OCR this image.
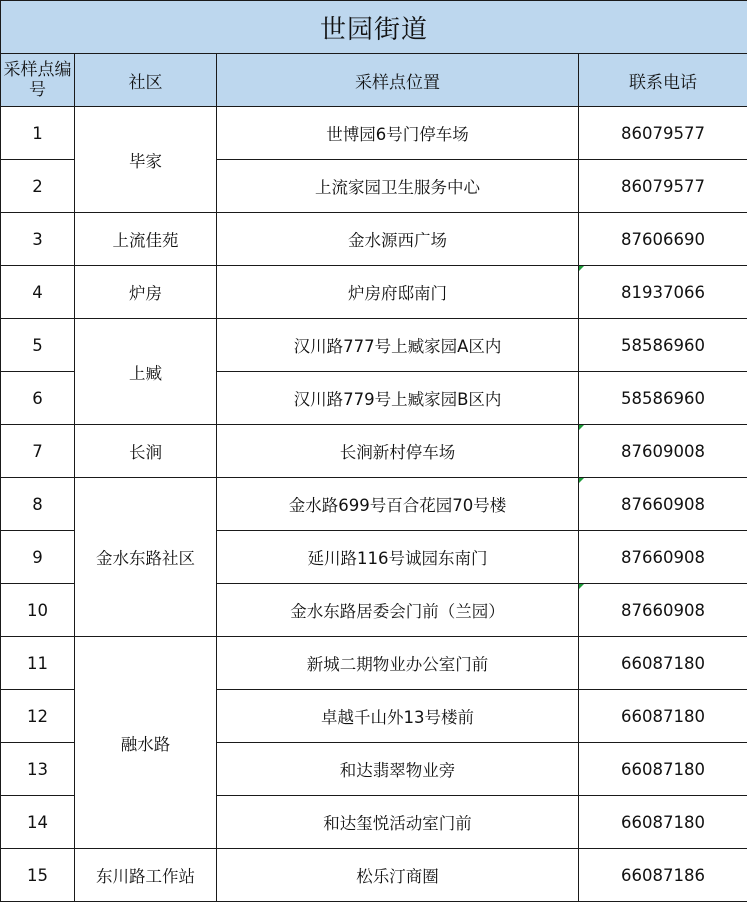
世园街道			
采样点编号	社区	采样点位置	联系电话
1	毕家	世博园6号门停车场	86079577
2		上流家园卫生服务中心	86079577
3	上流佳苑	金水源西广场	87606690
4	炉房	炉房府邸南门	81937066
5	上臧	汉川路777号上臧家园A区内	58586960
6		汉川路779号上臧家园B区内	58586960
7	长涧	长涧新村停车场	87609008
8	金水东路社区	金水路699号百合花园70号楼	87660908
9		延川路116号诚园东南门	87660908
10		金水东路居委会门前（兰园）	87660908
11	融水路	新城二期物业办公室门前	66087180
12		卓越千山外13号楼前	66087180
13		和达翡翠物业旁	66087180
14		和达玺悦活动室门前	66087180
15	东川路工作站	松乐汀商圈	66087186
